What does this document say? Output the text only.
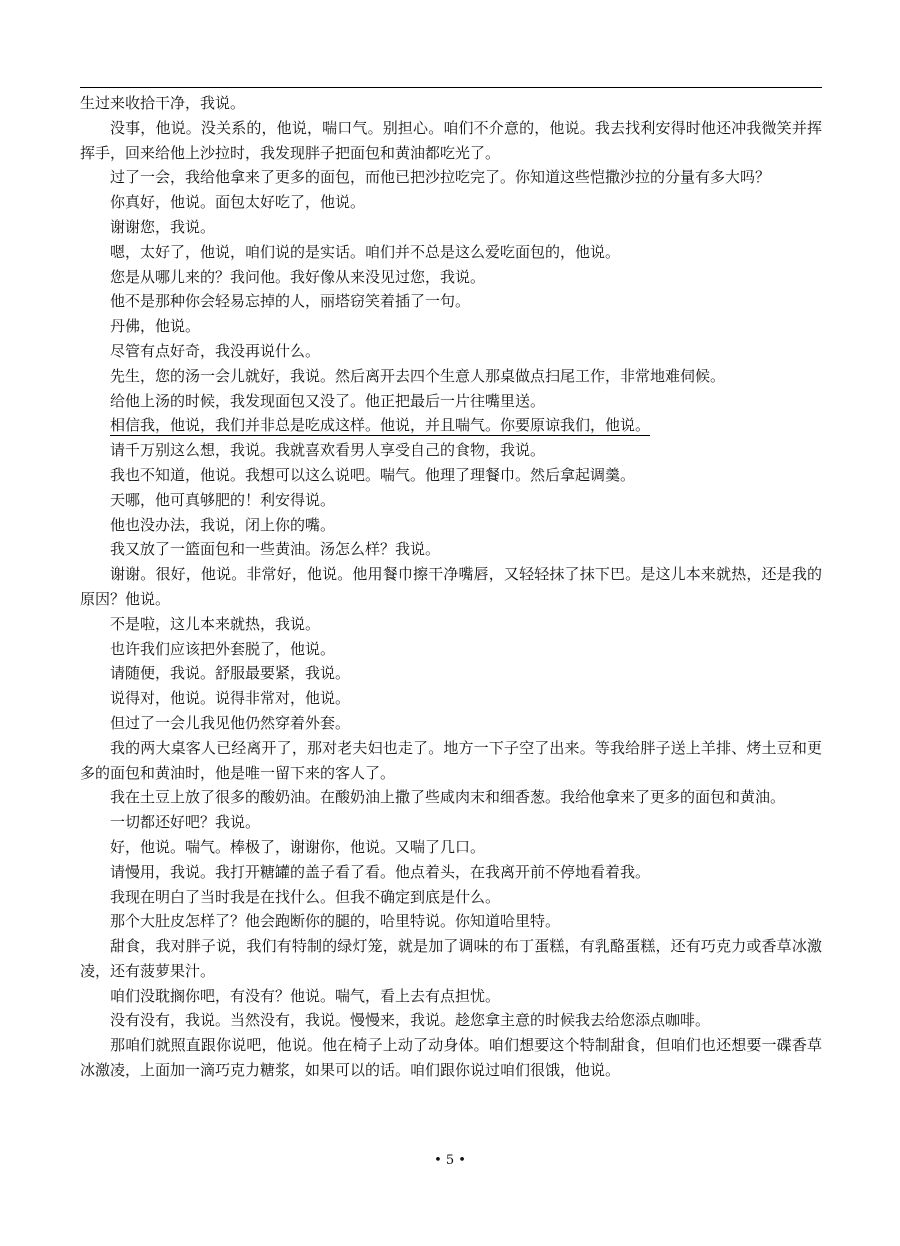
生过来收拾干净，我说。

没事，他说。没关系的，他说，喘口气。别担心。咱们不介意的，他说。我去找利安得时他还冲我微笑并挥挥手，回来给他上沙拉时，我发现胖子把面包和黄油都吃光了。

过了一会，我给他拿来了更多的面包，而他已把沙拉吃完了。你知道这些恺撒沙拉的分量有多大吗？

你真好，他说。面包太好吃了，他说。

谢谢您，我说。

嗯，太好了，他说，咱们说的是实话。咱们并不总是这么爱吃面包的，他说。

您是从哪儿来的？我问他。我好像从来没见过您，我说。

他不是那种你会轻易忘掉的人，丽塔窃笑着插了一句。

丹佛，他说。

尽管有点好奇，我没再说什么。

先生，您的汤一会儿就好，我说。然后离开去四个生意人那桌做点扫尾工作，非常地难伺候。

给他上汤的时候，我发现面包又没了。他正把最后一片往嘴里送。

相信我，他说，我们并非总是吃成这样。他说，并且喘气。你要原谅我们，他说。

请千万别这么想，我说。我就喜欢看男人享受自己的食物，我说。

我也不知道，他说。我想可以这么说吧。喘气。他理了理餐巾。然后拿起调羹。

天哪，他可真够肥的！利安得说。

他也没办法，我说，闭上你的嘴。

我又放了一篮面包和一些黄油。汤怎么样？我说。

谢谢。很好，他说。非常好，他说。他用餐巾擦干净嘴唇，又轻轻抹了抹下巴。是这儿本来就热，还是我的原因？他说。

不是啦，这儿本来就热，我说。

也许我们应该把外套脱了，他说。

请随便，我说。舒服最要紧，我说。

说得对，他说。说得非常对，他说。

但过了一会儿我见他仍然穿着外套。

我的两大桌客人已经离开了，那对老夫妇也走了。地方一下子空了出来。等我给胖子送上羊排、烤土豆和更多的面包和黄油时，他是唯一留下来的客人了。

我在土豆上放了很多的酸奶油。在酸奶油上撒了些咸肉末和细香葱。我给他拿来了更多的面包和黄油。

一切都还好吧？我说。

好，他说。喘气。棒极了，谢谢你，他说。又喘了几口。

请慢用，我说。我打开糖罐的盖子看了看。他点着头，在我离开前不停地看着我。

我现在明白了当时我是在找什么。但我不确定到底是什么。

那个大肚皮怎样了？他会跑断你的腿的，哈里特说。你知道哈里特。

甜食，我对胖子说，我们有特制的绿灯笼，就是加了调味的布丁蛋糕，有乳酪蛋糕，还有巧克力或香草冰激凌，还有菠萝果汁。

咱们没耽搁你吧，有没有？他说。喘气，看上去有点担忧。

没有没有，我说。当然没有，我说。慢慢来，我说。趁您拿主意的时候我去给您添点咖啡。

那咱们就照直跟你说吧，他说。他在椅子上动了动身体。咱们想要这个特制甜食，但咱们也还想要一碟香草冰激凌，上面加一滴巧克力糖浆，如果可以的话。咱们跟你说过咱们很饿，他说。

• 5 •
